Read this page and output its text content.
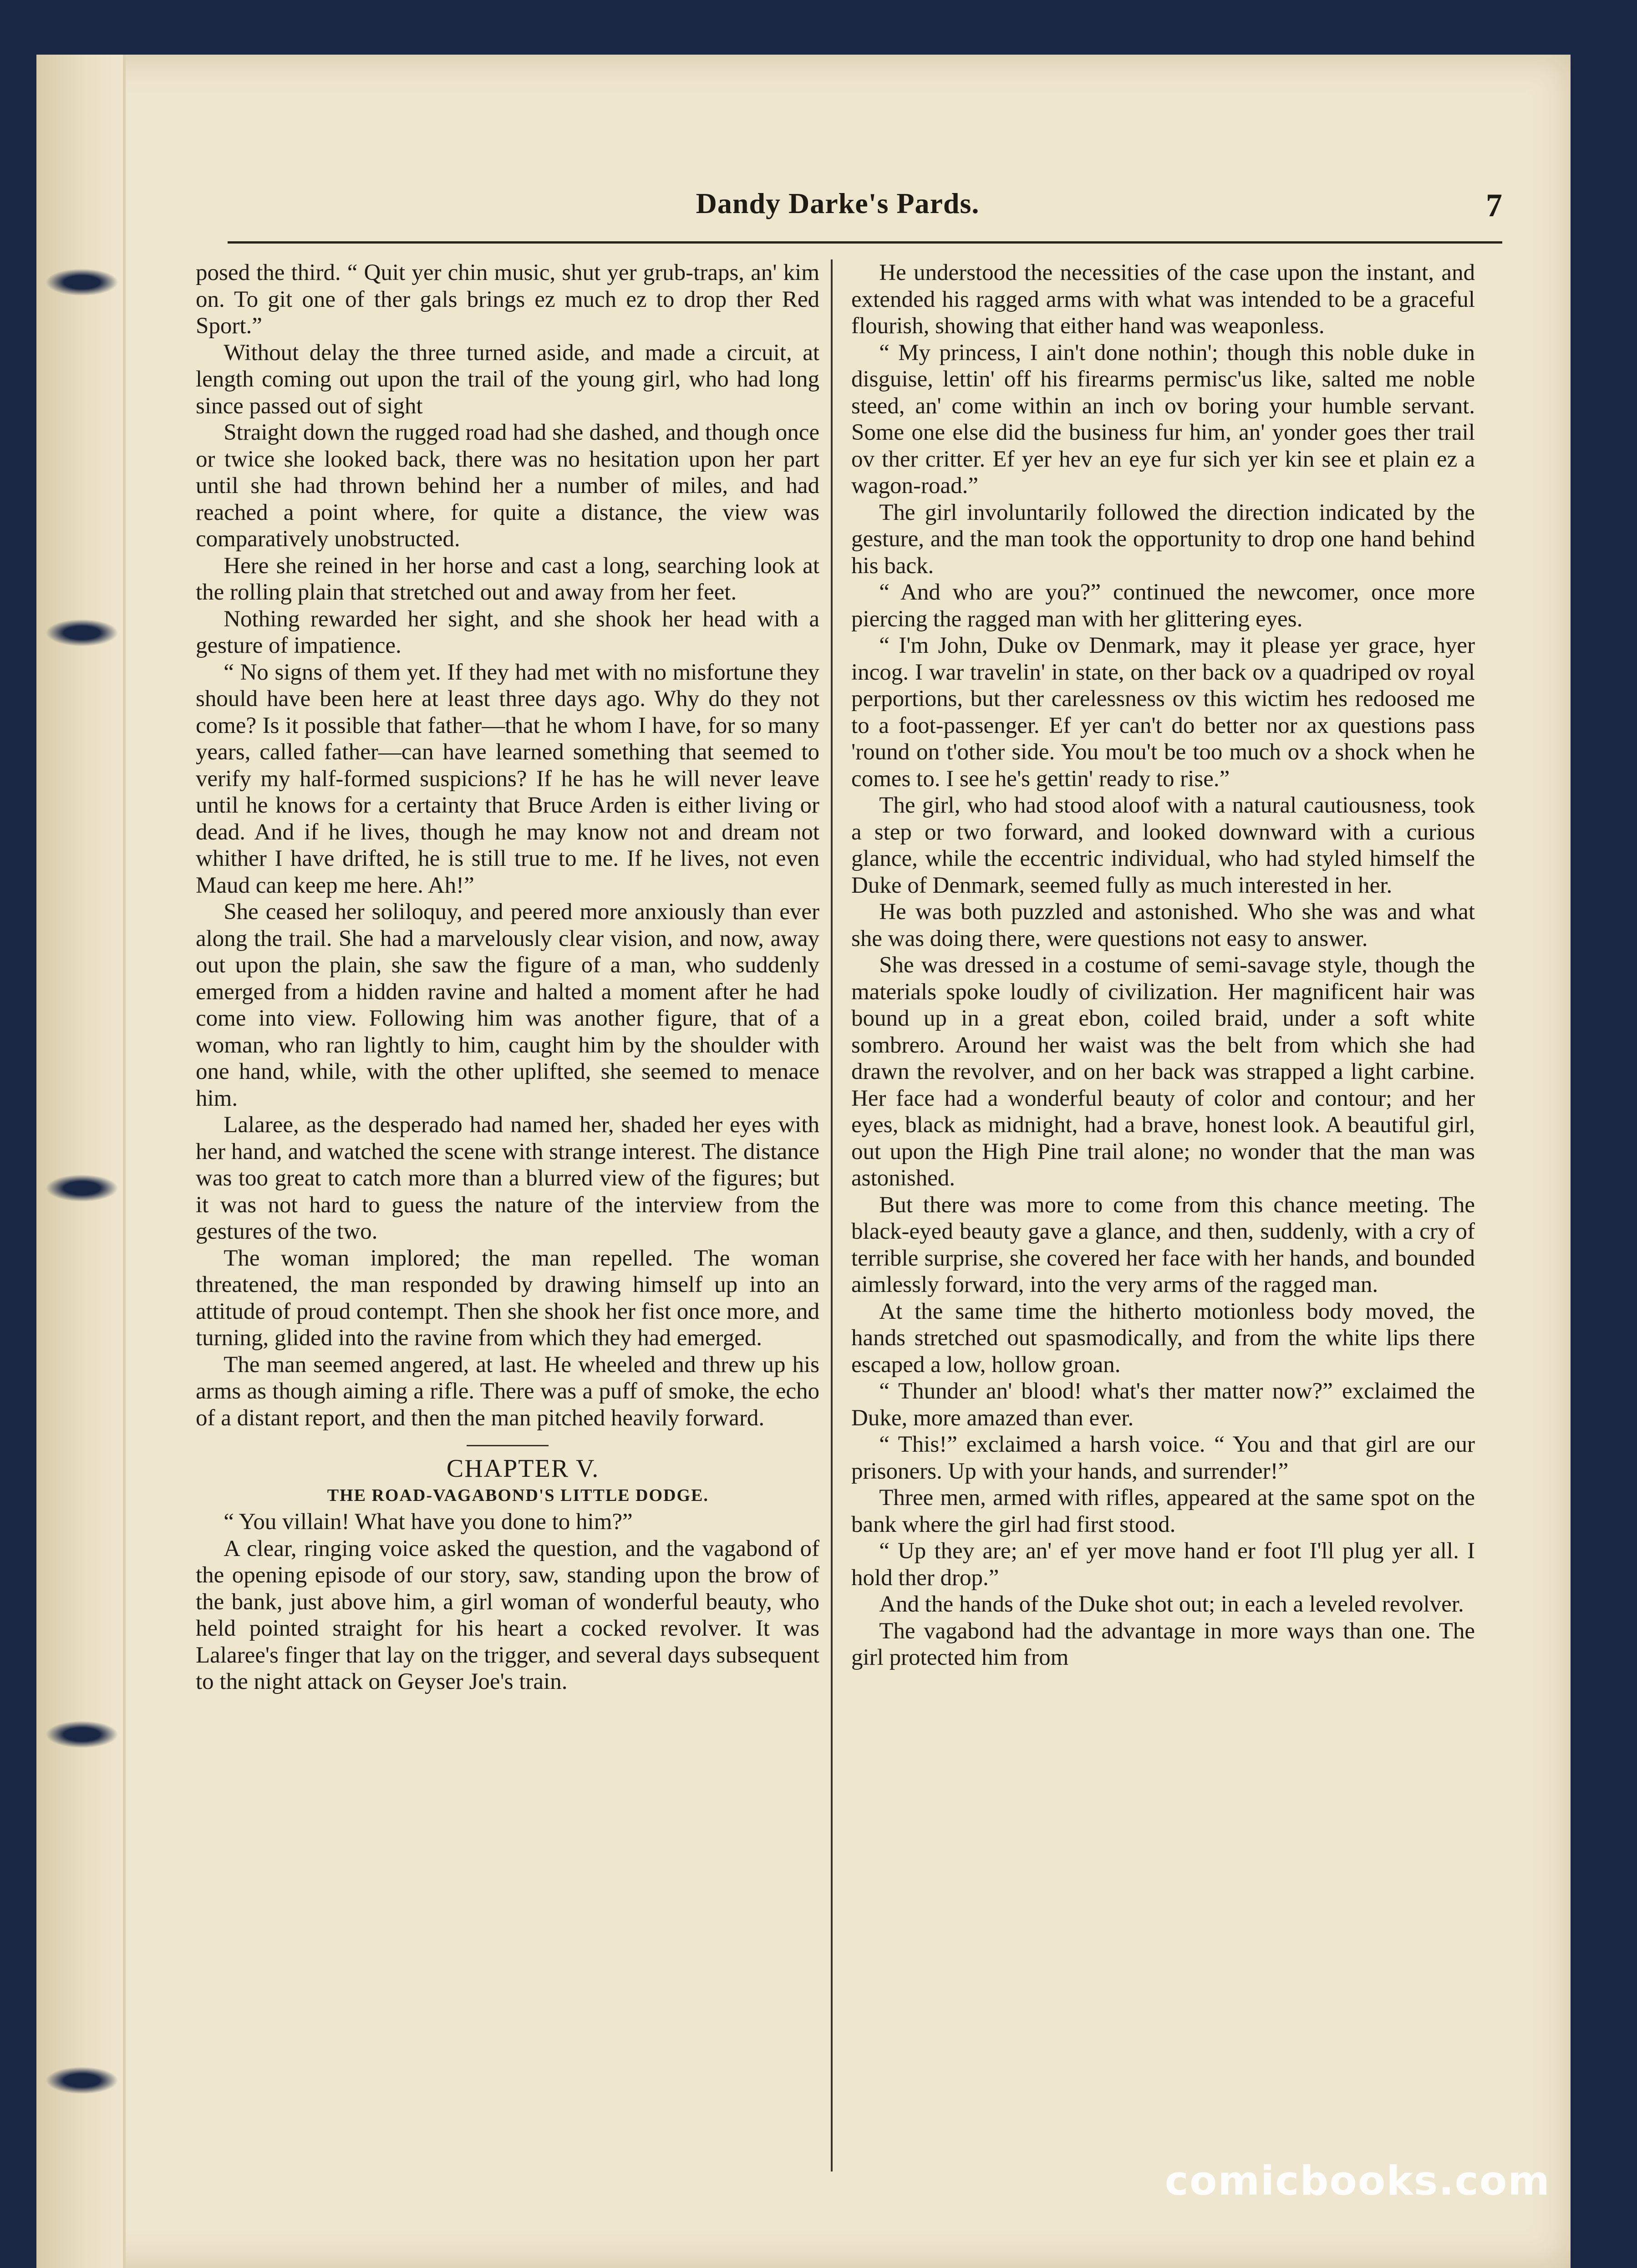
Dandy Darke's Pards.	7

posed the third. “ Quit yer chin music, shut yer grub-traps, an' kim on. To git one of ther gals brings ez much ez to drop ther Red Sport.”

Without delay the three turned aside, and made a circuit, at length coming out upon the trail of the young girl, who had long since passed out of sight

Straight down the rugged road had she dashed, and though once or twice she looked back, there was no hesitation upon her part until she had thrown behind her a number of miles, and had reached a point where, for quite a distance, the view was comparatively unobstructed.

Here she reined in her horse and cast a long, searching look at the rolling plain that stretched out and away from her feet.

Nothing rewarded her sight, and she shook her head with a gesture of impatience.

“ No signs of them yet. If they had met with no misfortune they should have been here at least three days ago. Why do they not come? Is it possible that father—that he whom I have, for so many years, called father—can have learned something that seemed to verify my half-formed suspicions? If he has he will never leave until he knows for a certainty that Bruce Arden is either living or dead. And if he lives, though he may know not and dream not whither I have drifted, he is still true to me. If he lives, not even Maud can keep me here. Ah!”

She ceased her soliloquy, and peered more anxiously than ever along the trail. She had a marvelously clear vision, and now, away out upon the plain, she saw the figure of a man, who suddenly emerged from a hidden ravine and halted a moment after he had come into view. Following him was another figure, that of a woman, who ran lightly to him, caught him by the shoulder with one hand, while, with the other uplifted, she seemed to menace him.

Lalaree, as the desperado had named her, shaded her eyes with her hand, and watched the scene with strange interest. The distance was too great to catch more than a blurred view of the figures; but it was not hard to guess the nature of the interview from the gestures of the two.

The woman implored; the man repelled. The woman threatened, the man responded by drawing himself up into an attitude of proud contempt. Then she shook her fist once more, and turning, glided into the ravine from which they had emerged.

The man seemed angered, at last. He wheeled and threw up his arms as though aiming a rifle. There was a puff of smoke, the echo of a distant report, and then the man pitched heavily forward.

CHAPTER V.

THE ROAD-VAGABOND'S LITTLE DODGE.

“ You villain! What have you done to him?”

A clear, ringing voice asked the question, and the vagabond of the opening episode of our story, saw, standing upon the brow of the bank, just above him, a girl woman of wonderful beauty, who held pointed straight for his heart a cocked revolver. It was Lalaree's finger that lay on the trigger, and several days subsequent to the night attack on Geyser Joe's train.

He understood the necessities of the case upon the instant, and extended his ragged arms with what was intended to be a graceful flourish, showing that either hand was weaponless.

“ My princess, I ain't done nothin'; though this noble duke in disguise, lettin' off his firearms permisc'us like, salted me noble steed, an' come within an inch ov boring your humble servant. Some one else did the business fur him, an' yonder goes ther trail ov ther critter. Ef yer hev an eye fur sich yer kin see et plain ez a wagon-road.”

The girl involuntarily followed the direction indicated by the gesture, and the man took the opportunity to drop one hand behind his back.

“ And who are you?” continued the newcomer, once more piercing the ragged man with her glittering eyes.

“ I'm John, Duke ov Denmark, may it please yer grace, hyer incog. I war travelin' in state, on ther back ov a quadriped ov royal perportions, but ther carelessness ov this wictim hes redoosed me to a foot-passenger. Ef yer can't do better nor ax questions pass 'round on t'other side. You mou't be too much ov a shock when he comes to. I see he's gettin' ready to rise.”

The girl, who had stood aloof with a natural cautiousness, took a step or two forward, and looked downward with a curious glance, while the eccentric individual, who had styled himself the Duke of Denmark, seemed fully as much interested in her.

He was both puzzled and astonished. Who she was and what she was doing there, were questions not easy to answer.

She was dressed in a costume of semi-savage style, though the materials spoke loudly of civilization. Her magnificent hair was bound up in a great ebon, coiled braid, under a soft white sombrero. Around her waist was the belt from which she had drawn the revolver, and on her back was strapped a light carbine. Her face had a wonderful beauty of color and contour; and her eyes, black as midnight, had a brave, honest look. A beautiful girl, out upon the High Pine trail alone; no wonder that the man was astonished.

But there was more to come from this chance meeting. The black-eyed beauty gave a glance, and then, suddenly, with a cry of terrible surprise, she covered her face with her hands, and bounded aimlessly forward, into the very arms of the ragged man.

At the same time the hitherto motionless body moved, the hands stretched out spasmodically, and from the white lips there escaped a low, hollow groan.

“ Thunder an' blood! what's ther matter now?” exclaimed the Duke, more amazed than ever.

“ This!” exclaimed a harsh voice. “ You and that girl are our prisoners. Up with your hands, and surrender!”

Three men, armed with rifles, appeared at the same spot on the bank where the girl had first stood.

“ Up they are; an' ef yer move hand er foot I'll plug yer all. I hold ther drop.”

And the hands of the Duke shot out; in each a leveled revolver.

The vagabond had the advantage in more ways than one. The girl protected him from

comicbooks.com
